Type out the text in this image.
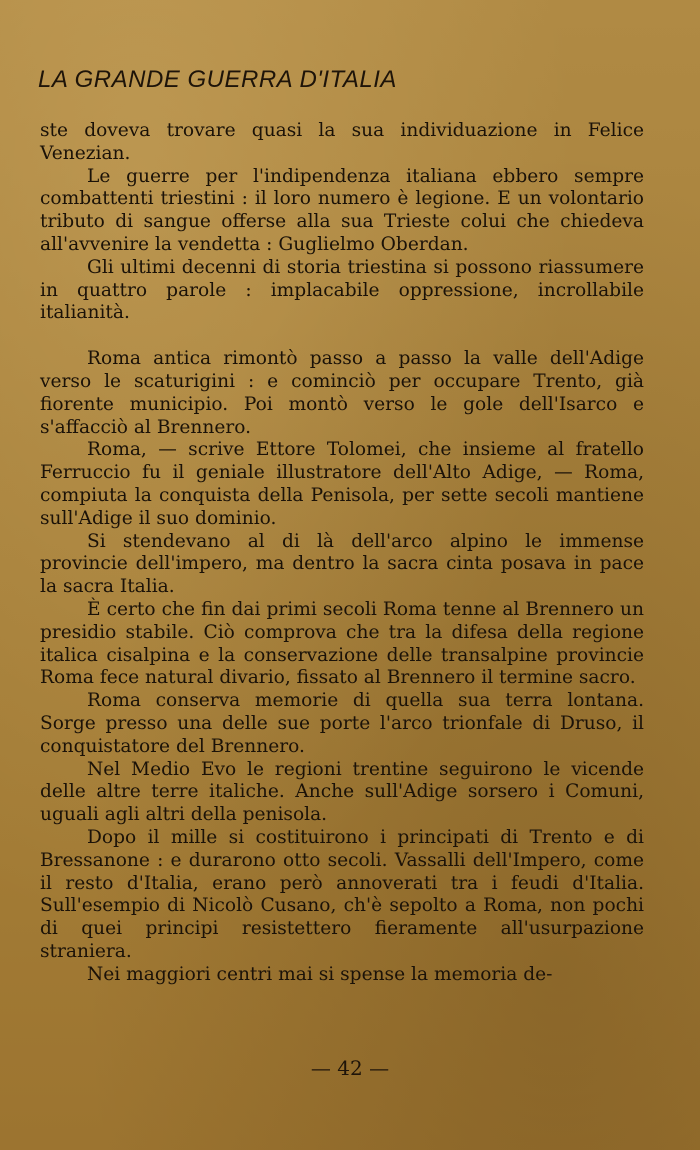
LA GRANDE GUERRA D'ITALIA

ste doveva trovare quasi la sua individuazione in Felice Venezian.

Le guerre per l'indipendenza italiana ebbero sempre combattenti triestini : il loro numero è legione. E un volontario tributo di sangue offerse alla sua Trieste colui che chiedeva all'avvenire la vendetta : Guglielmo Oberdan.

Gli ultimi decenni di storia triestina si possono riassumere in quattro parole : implacabile oppressione, incrollabile italianità.

Roma antica rimontò passo a passo la valle dell'Adige verso le scaturigini : e cominciò per occupare Trento, già fiorente municipio. Poi montò verso le gole dell'Isarco e s'affacciò al Brennero.

Roma, — scrive Ettore Tolomei, che insieme al fratello Ferruccio fu il geniale illustratore dell'Alto Adige, — Roma, compiuta la conquista della Penisola, per sette secoli mantiene sull'Adige il suo dominio.

Si stendevano al di là dell'arco alpino le immense provincie dell'impero, ma dentro la sacra cinta posava in pace la sacra Italia.

È certo che fin dai primi secoli Roma tenne al Brennero un presidio stabile. Ciò comprova che tra la difesa della regione italica cisalpina e la conservazione delle transalpine provincie Roma fece natural divario, fissato al Brennero il termine sacro.

Roma conserva memorie di quella sua terra lontana. Sorge presso una delle sue porte l'arco trionfale di Druso, il conquistatore del Brennero.

Nel Medio Evo le regioni trentine seguirono le vicende delle altre terre italiche. Anche sull'Adige sorsero i Comuni, uguali agli altri della penisola.

Dopo il mille si costituirono i principati di Trento e di Bressanone : e durarono otto secoli. Vassalli dell'Impero, come il resto d'Italia, erano però annoverati tra i feudi d'Italia. Sull'esempio di Nicolò Cusano, ch'è sepolto a Roma, non pochi di quei principi resistettero fieramente all'usurpazione straniera.

Nei maggiori centri mai si spense la memoria de-

— 42 —
